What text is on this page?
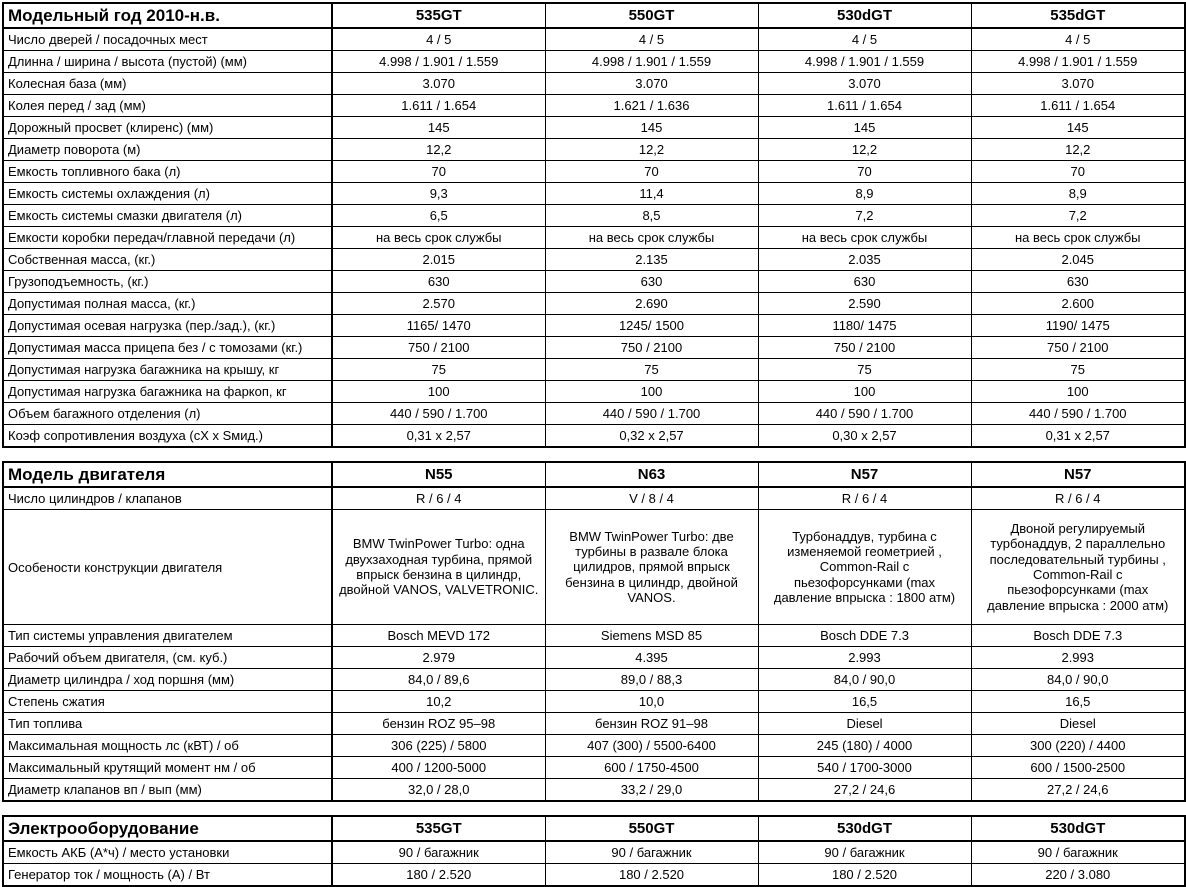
Модельный год 2010-н.в.	535GT	550GT	530dGT	535dGT
Число дверей / посадочных мест	4 / 5	4 / 5	4 / 5	4 / 5
Длинна / ширина / высота (пустой) (мм)	4.998 / 1.901 / 1.559	4.998 / 1.901 / 1.559	4.998 / 1.901 / 1.559	4.998 / 1.901 / 1.559
Колесная база (мм)	3.070	3.070	3.070	3.070
Колея перед / зад (мм)	1.611 / 1.654	1.621 / 1.636	1.611 / 1.654	1.611 / 1.654
Дорожный просвет (клиренс) (мм)	145	145	145	145
Диаметр поворота (м)	12,2	12,2	12,2	12,2
Емкость топливного бака (л)	70	70	70	70
Емкость системы охлаждения (л)	9,3	11,4	8,9	8,9
Емкость системы смазки двигателя (л)	6,5	8,5	7,2	7,2
Емкости коробки передач/главной передачи (л)	на весь срок службы	на весь срок службы	на весь срок службы	на весь срок службы
Собственная масса, (кг.)	2.015	2.135	2.035	2.045
Грузоподъемность, (кг.)	630	630	630	630
Допустимая полная масса, (кг.)	2.570	2.690	2.590	2.600
Допустимая осевая нагрузка (пер./зад.), (кг.)	1165/ 1470	1245/ 1500	1180/ 1475	1190/ 1475
Допустимая масса прицепа без / с томозами (кг.)	750 / 2100	750 / 2100	750 / 2100	750 / 2100
Допустимая нагрузка багажника на крышу, кг	75	75	75	75
Допустимая нагрузка багажника на фаркоп, кг	100	100	100	100
Объем багажного отделения (л)	440 / 590 / 1.700	440 / 590 / 1.700	440 / 590 / 1.700	440 / 590 / 1.700
Коэф сопротивления воздуха (сХ х Sмид.)	0,31 x 2,57	0,32 x 2,57	0,30 x 2,57	0,31 x 2,57
Модель двигателя	N55	N63	N57	N57
Число цилиндров / клапанов	R / 6 / 4	V / 8 / 4	R / 6 / 4	R / 6 / 4
Особености конструкции двигателя	BMW TwinPower Turbo: одна двухзаходная турбина, прямой впрыск бензина в цилиндр, двойной VANOS, VALVETRONIC.	BMW TwinPower Turbo: две турбины в развале блока цилидров, прямой впрыск бензина в цилиндр, двойной VANOS.	Турбонаддув, турбина с изменяемой геометрией , Common-Rail с пьезофорсунками (max давление впрыска : 1800 атм)	Двоной регулируемый турбонаддув, 2 параллельно последовательный турбины , Common-Rail с пьезофорсунками (max давление впрыска : 2000 атм)
Тип системы управления двигателем	Bosch MEVD 172	Siemens MSD 85	Bosch DDE 7.3	Bosch DDE 7.3
Рабочий объем двигателя, (см. куб.)	2.979	4.395	2.993	2.993
Диаметр цилиндра / ход поршня (мм)	84,0 / 89,6	89,0 / 88,3	84,0 / 90,0	84,0 / 90,0
Степень сжатия	10,2	10,0	16,5	16,5
Тип топлива	бензин ROZ 95–98	бензин ROZ 91–98	Diesel	Diesel
Максимальная мощность лс (кВТ) / об	306 (225) / 5800	407 (300) / 5500-6400	245 (180) / 4000	300 (220) / 4400
Максимальный крутящий момент нм / об	400 / 1200-5000	600 / 1750-4500	540 / 1700-3000	600 / 1500-2500
Диаметр клапанов вп / вып (мм)	32,0 / 28,0	33,2 / 29,0	27,2 / 24,6	27,2 / 24,6
Электрооборудование	535GT	550GT	530dGT	530dGT
Емкость АКБ (А*ч) / место установки	90 / багажник	90 / багажник	90 / багажник	90 / багажник
Генератор ток / мощность (А) / Вт	180 / 2.520	180 / 2.520	180 / 2.520	220 / 3.080
